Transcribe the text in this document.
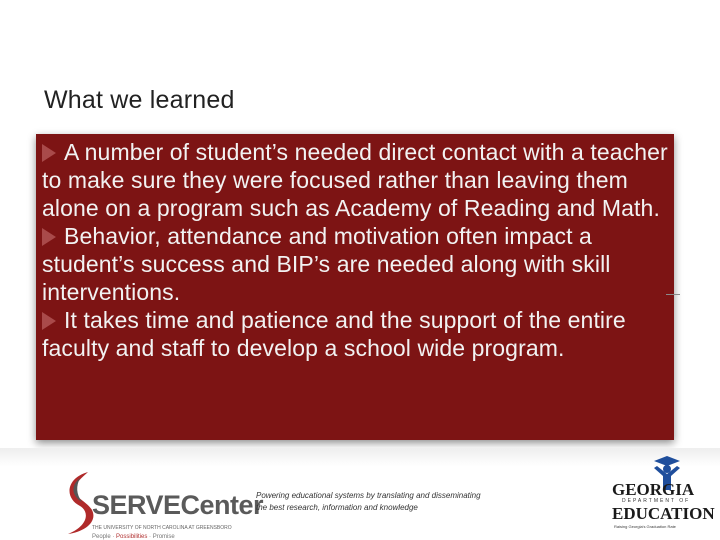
What we learned
A number of student’s needed direct contact with a teacher to make sure they were focused rather than leaving them alone on a program such as Academy of Reading and Math.
Behavior, attendance and motivation often impact a student’s success and BIP’s are needed along with skill interventions.
It takes time and patience and the support of the entire faculty and staff to develop a school wide program.
SERVECenter
THE UNIVERSITY OF NORTH CAROLINA AT GREENSBORO
People · Possibilities · Promise
Powering educational systems by translating and disseminating
the best research, information and knowledge
GEORGIA
DEPARTMENT OF
EDUCATION
Raising Georgia's Graduation Rate
